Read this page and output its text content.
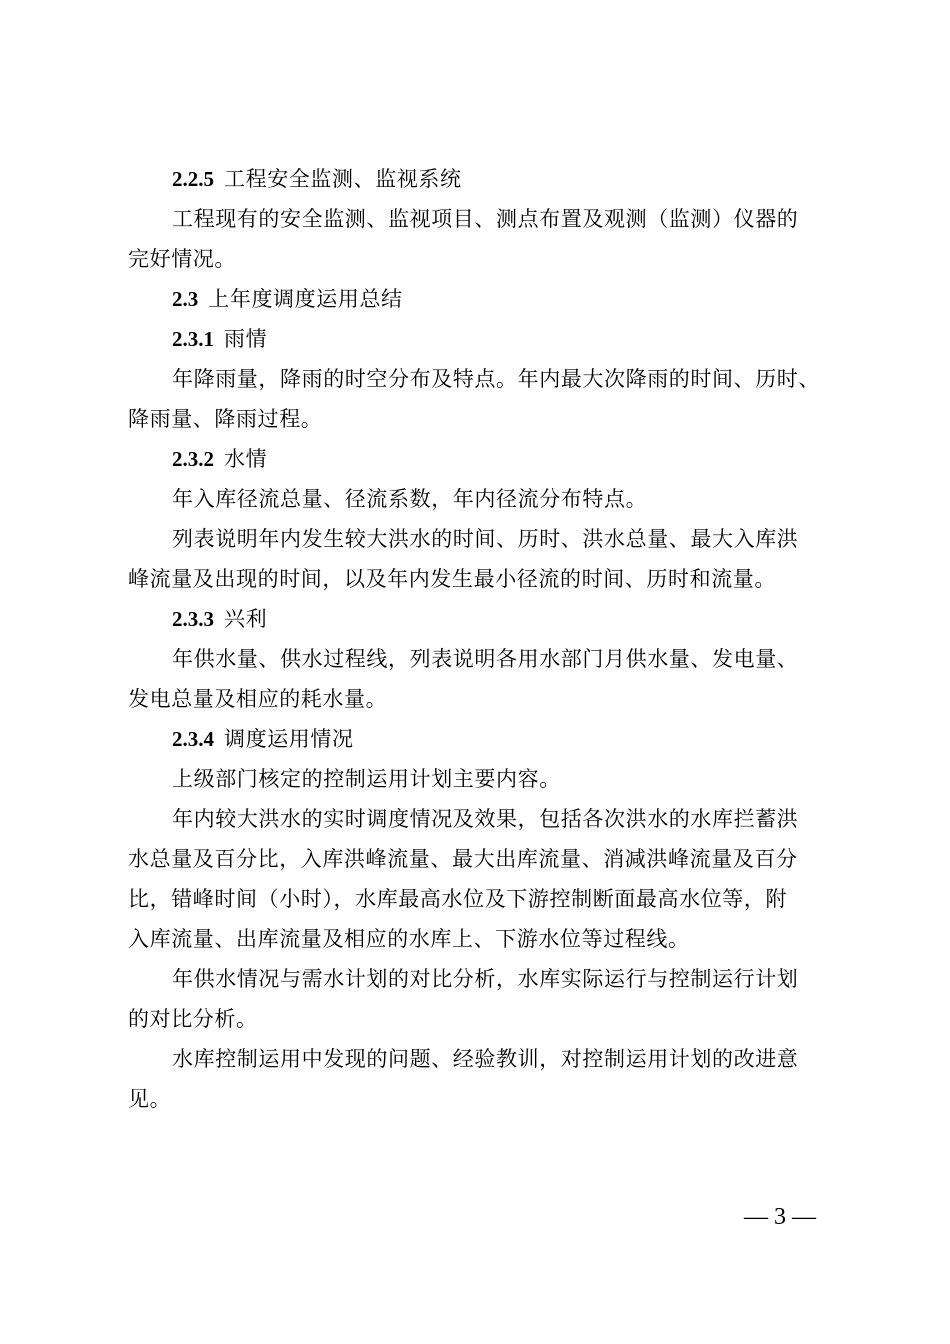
2.2.5 工程安全监测、监视系统
工程现有的安全监测、监视项目、测点布置及观测（监测）仪器的
完好情况。
2.3 上年度调度运用总结
2.3.1 雨情
年降雨量，降雨的时空分布及特点。年内最大次降雨的时间、历时、
降雨量、降雨过程。
2.3.2 水情
年入库径流总量、径流系数，年内径流分布特点。
列表说明年内发生较大洪水的时间、历时、洪水总量、最大入库洪
峰流量及出现的时间，以及年内发生最小径流的时间、历时和流量。
2.3.3 兴利
年供水量、供水过程线，列表说明各用水部门月供水量、发电量、
发电总量及相应的耗水量。
2.3.4 调度运用情况
上级部门核定的控制运用计划主要内容。
年内较大洪水的实时调度情况及效果，包括各次洪水的水库拦蓄洪
水总量及百分比，入库洪峰流量、最大出库流量、消减洪峰流量及百分
比，错峰时间（小时），水库最高水位及下游控制断面最高水位等，附
入库流量、出库流量及相应的水库上、下游水位等过程线。
年供水情况与需水计划的对比分析，水库实际运行与控制运行计划
的对比分析。
水库控制运用中发现的问题、经验教训，对控制运用计划的改进意
见。
— 3 —
